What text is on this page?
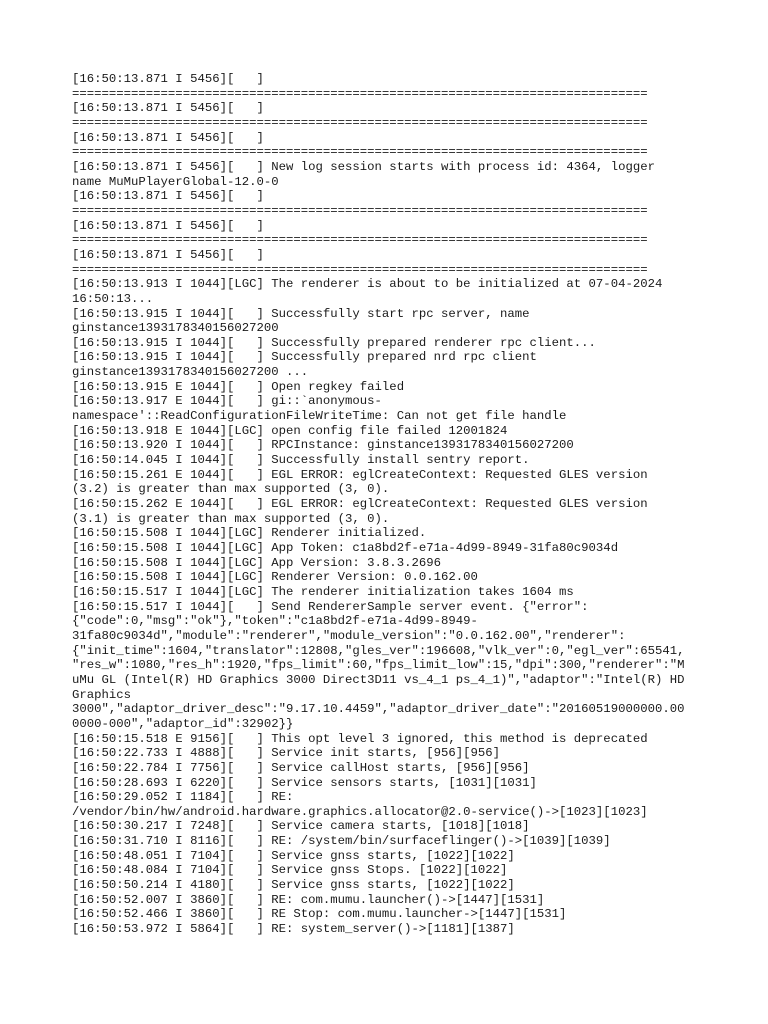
[16:50:13.871 I 5456][   ]
==============================================================================
[16:50:13.871 I 5456][   ]
==============================================================================
[16:50:13.871 I 5456][   ]
==============================================================================
[16:50:13.871 I 5456][   ] New log session starts with process id: 4364, logger
name MuMuPlayerGlobal-12.0-0
[16:50:13.871 I 5456][   ]
==============================================================================
[16:50:13.871 I 5456][   ]
==============================================================================
[16:50:13.871 I 5456][   ]
==============================================================================
[16:50:13.913 I 1044][LGC] The renderer is about to be initialized at 07-04-2024
16:50:13...
[16:50:13.915 I 1044][   ] Successfully start rpc server, name
ginstance1393178340156027200
[16:50:13.915 I 1044][   ] Successfully prepared renderer rpc client...
[16:50:13.915 I 1044][   ] Successfully prepared nrd rpc client
ginstance1393178340156027200 ...
[16:50:13.915 E 1044][   ] Open regkey failed
[16:50:13.917 E 1044][   ] gi::`anonymous-
namespace'::ReadConfigurationFileWriteTime: Can not get file handle
[16:50:13.918 E 1044][LGC] open config file failed 12001824
[16:50:13.920 I 1044][   ] RPCInstance: ginstance1393178340156027200
[16:50:14.045 I 1044][   ] Successfully install sentry report.
[16:50:15.261 E 1044][   ] EGL ERROR: eglCreateContext: Requested GLES version
(3.2) is greater than max supported (3, 0).
[16:50:15.262 E 1044][   ] EGL ERROR: eglCreateContext: Requested GLES version
(3.1) is greater than max supported (3, 0).
[16:50:15.508 I 1044][LGC] Renderer initialized.
[16:50:15.508 I 1044][LGC] App Token: c1a8bd2f-e71a-4d99-8949-31fa80c9034d
[16:50:15.508 I 1044][LGC] App Version: 3.8.3.2696
[16:50:15.508 I 1044][LGC] Renderer Version: 0.0.162.00
[16:50:15.517 I 1044][LGC] The renderer initialization takes 1604 ms
[16:50:15.517 I 1044][   ] Send RendererSample server event. {"error":
{"code":0,"msg":"ok"},"token":"c1a8bd2f-e71a-4d99-8949-
31fa80c9034d","module":"renderer","module_version":"0.0.162.00","renderer":
{"init_time":1604,"translator":12808,"gles_ver":196608,"vlk_ver":0,"egl_ver":65541,
"res_w":1080,"res_h":1920,"fps_limit":60,"fps_limit_low":15,"dpi":300,"renderer":"M
uMu GL (Intel(R) HD Graphics 3000 Direct3D11 vs_4_1 ps_4_1)","adaptor":"Intel(R) HD
Graphics
3000","adaptor_driver_desc":"9.17.10.4459","adaptor_driver_date":"20160519000000.00
0000-000","adaptor_id":32902}}
[16:50:15.518 E 9156][   ] This opt level 3 ignored, this method is deprecated
[16:50:22.733 I 4888][   ] Service init starts, [956][956]
[16:50:22.784 I 7756][   ] Service callHost starts, [956][956]
[16:50:28.693 I 6220][   ] Service sensors starts, [1031][1031]
[16:50:29.052 I 1184][   ] RE:
/vendor/bin/hw/android.hardware.graphics.allocator@2.0-service()->[1023][1023]
[16:50:30.217 I 7248][   ] Service camera starts, [1018][1018]
[16:50:31.710 I 8116][   ] RE: /system/bin/surfaceflinger()->[1039][1039]
[16:50:48.051 I 7104][   ] Service gnss starts, [1022][1022]
[16:50:48.084 I 7104][   ] Service gnss Stops. [1022][1022]
[16:50:50.214 I 4180][   ] Service gnss starts, [1022][1022]
[16:50:52.007 I 3860][   ] RE: com.mumu.launcher()->[1447][1531]
[16:50:52.466 I 3860][   ] RE Stop: com.mumu.launcher->[1447][1531]
[16:50:53.972 I 5864][   ] RE: system_server()->[1181][1387]
